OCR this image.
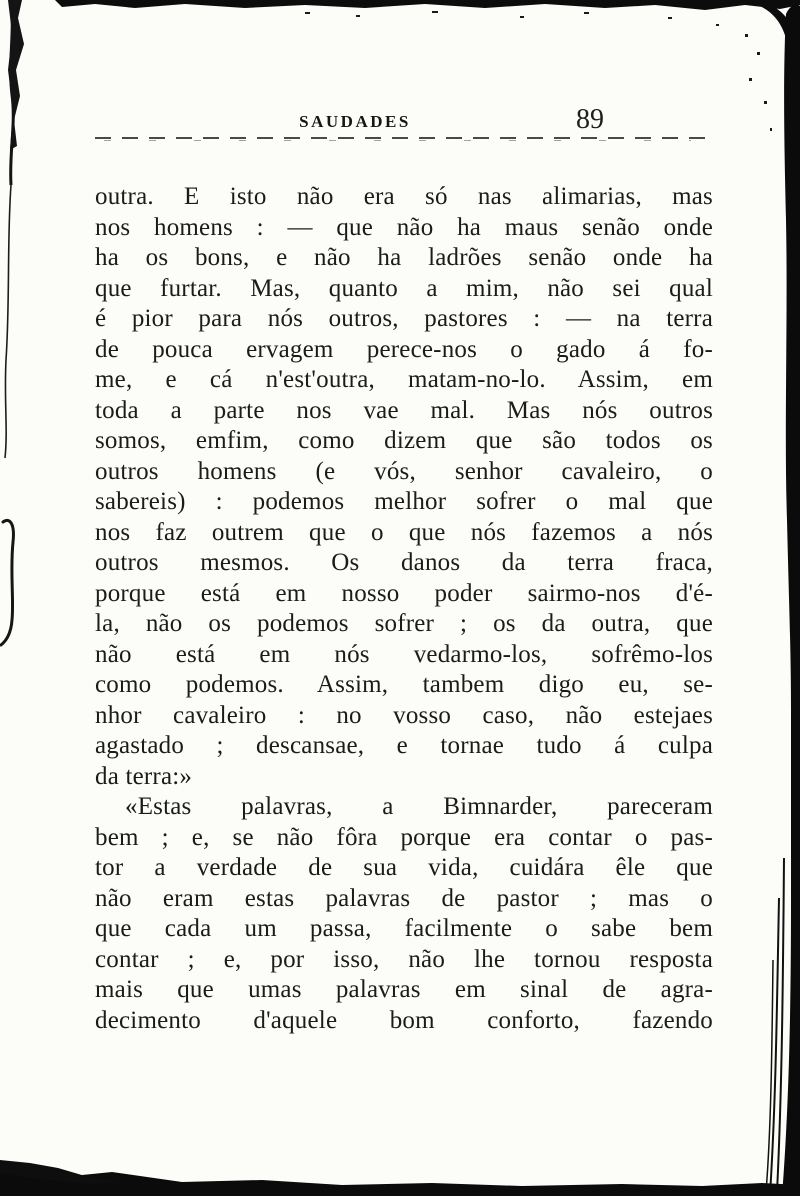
SAUDADES	89
outra. E isto não era só nas alimarias, mas
nos homens : — que não ha maus senão onde
ha os bons, e não ha ladrões senão onde ha
que furtar. Mas, quanto a mim, não sei qual
é pior para nós outros, pastores : — na terra
de pouca ervagem perece-nos o gado á fo-
me, e cá n'est'outra, matam-no-lo. Assim, em
toda a parte nos vae mal. Mas nós outros
somos, emfim, como dizem que são todos os
outros homens (e vós, senhor cavaleiro, o
sabereis) : podemos melhor sofrer o mal que
nos faz outrem que o que nós fazemos a nós
outros mesmos. Os danos da terra fraca,
porque está em nosso poder sairmo-nos d'é-
la, não os podemos sofrer ; os da outra, que
não está em nós vedarmo-los, sofrêmo-los
como podemos. Assim, tambem digo eu, se-
nhor cavaleiro : no vosso caso, não estejaes
agastado ; descansae, e tornae tudo á culpa
da terra:»
«Estas palavras, a Bimnarder, pareceram
bem ; e, se não fôra porque era contar o pas-
tor a verdade de sua vida, cuidára êle que
não eram estas palavras de pastor ; mas o
que cada um passa, facilmente o sabe bem
contar ; e, por isso, não lhe tornou resposta
mais que umas palavras em sinal de agra-
decimento d'aquele bom conforto, fazendo
